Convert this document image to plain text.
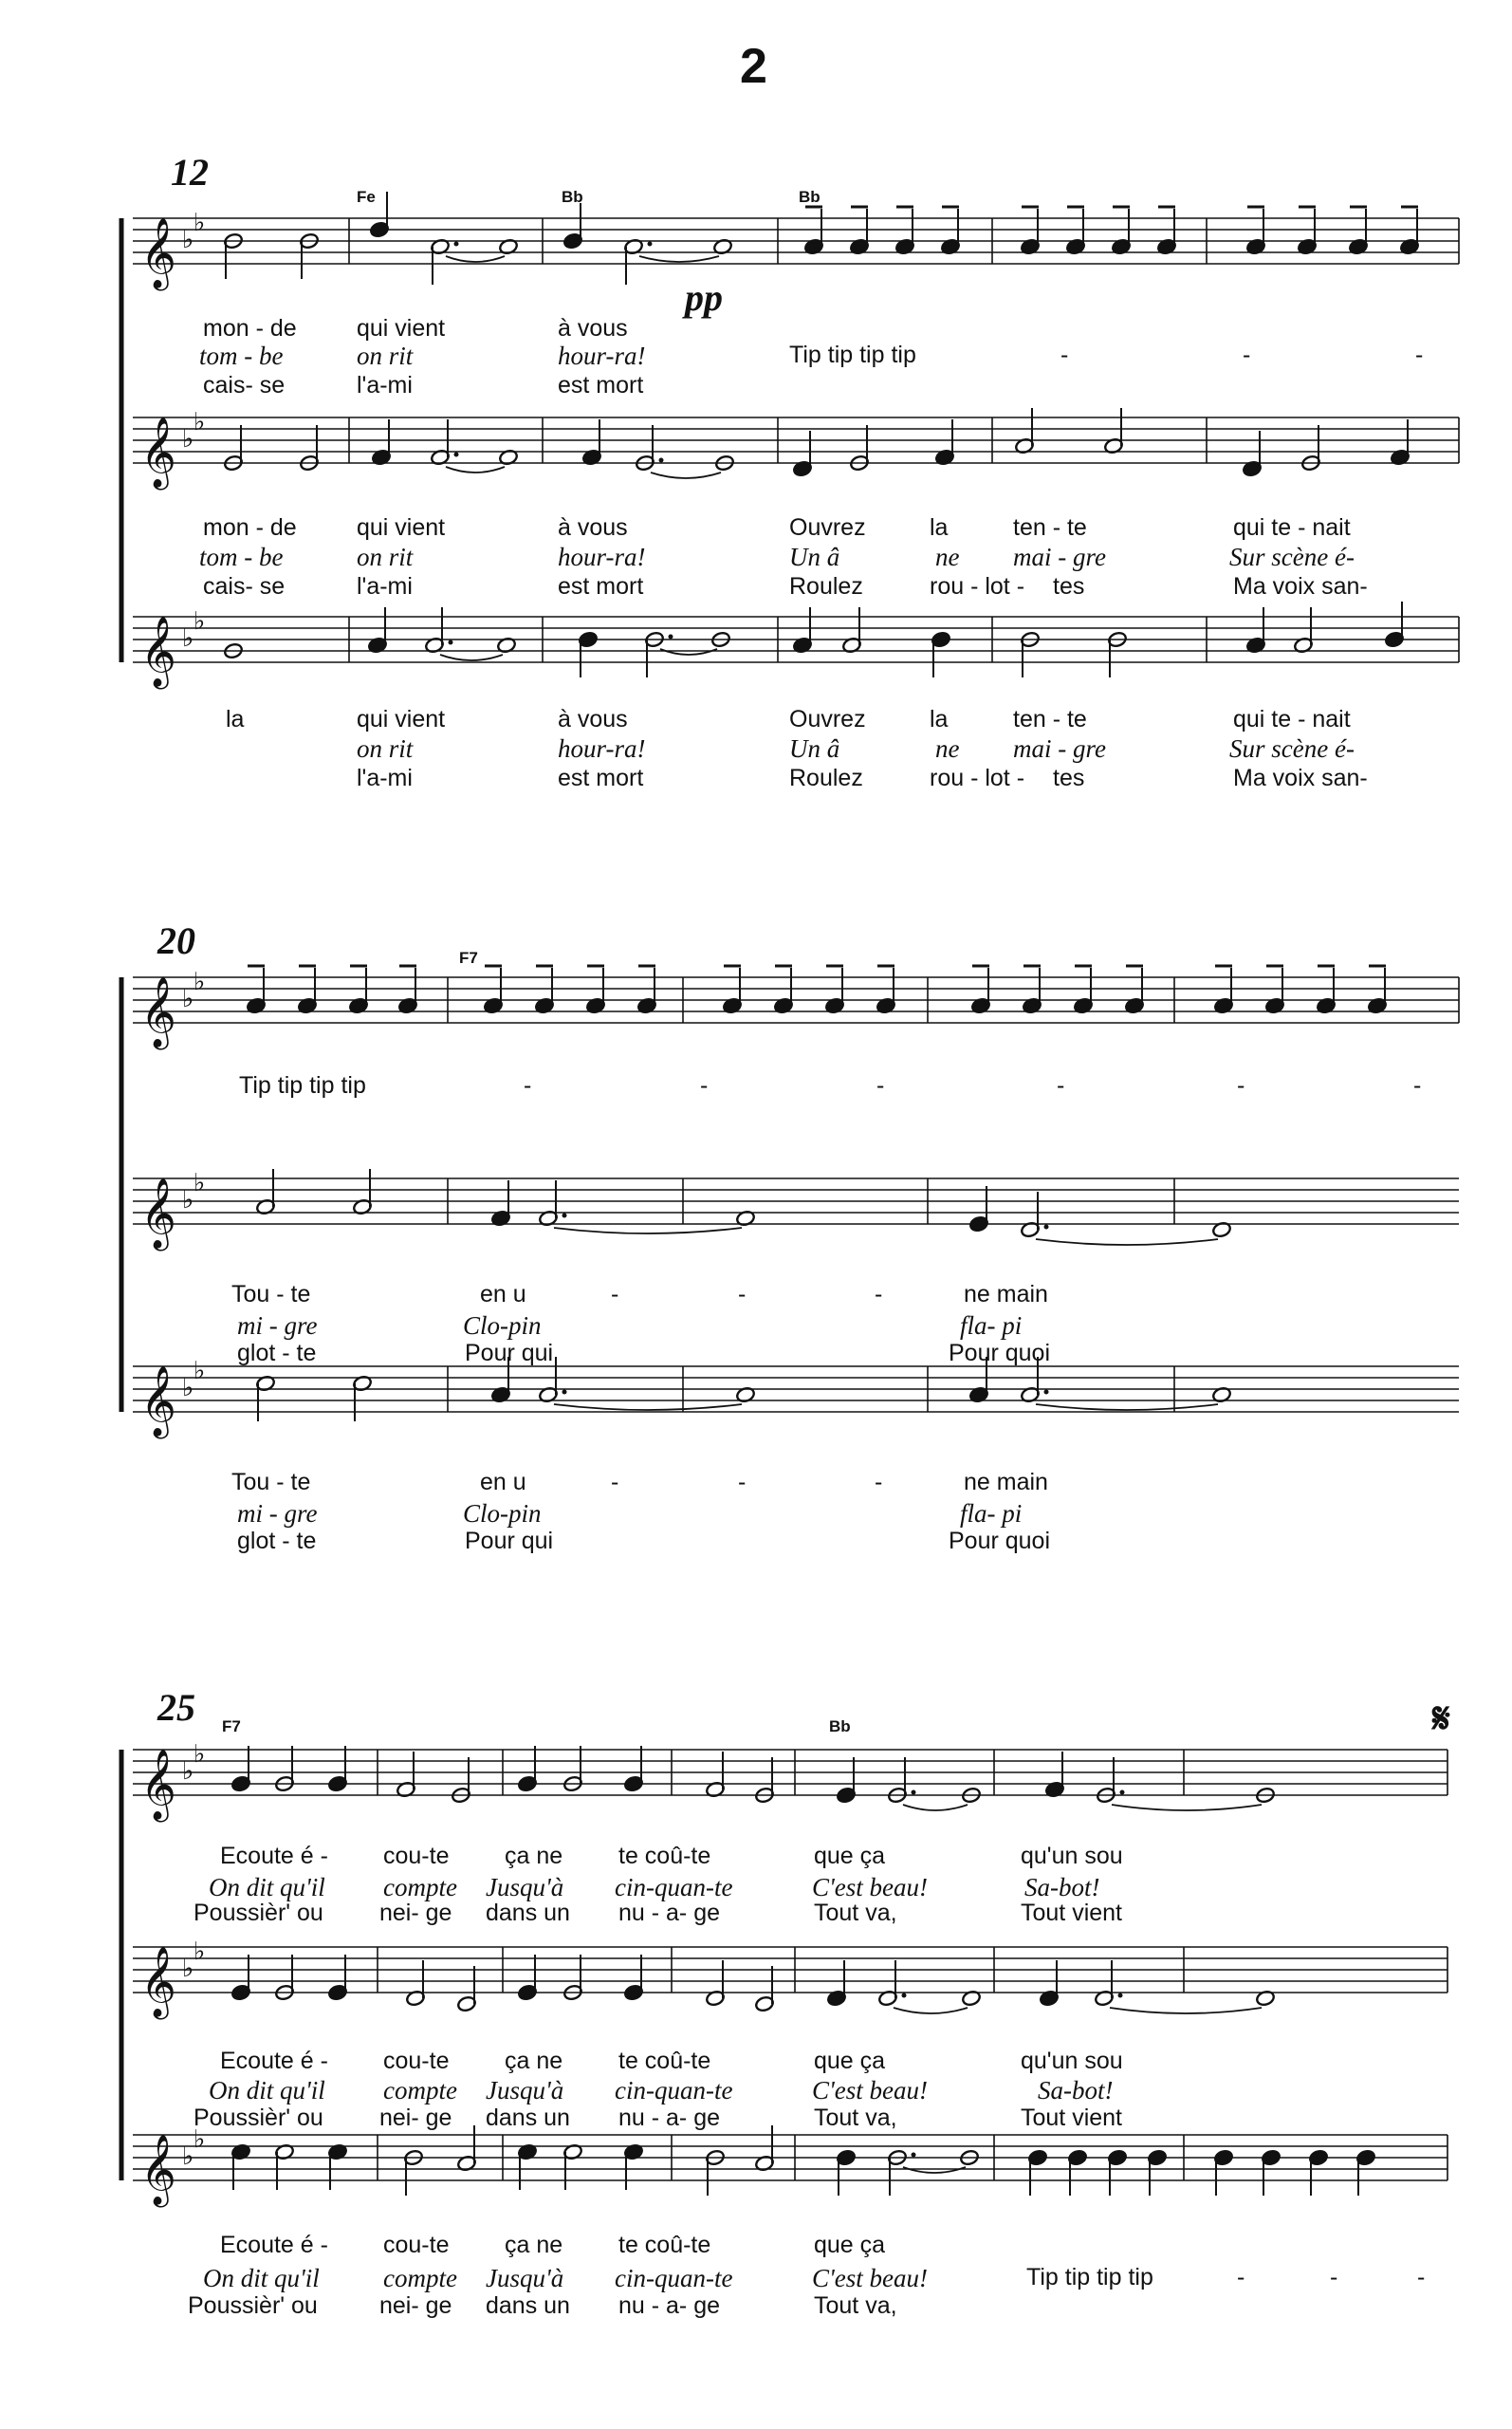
2
𝄞 ♭
♭
𝄞 ♭
♭
𝄞 ♭
♭
𝄞 ♭
♭
𝄞 ♭
♭
𝄞 ♭
♭
𝄞 ♭
♭
𝄞 ♭
♭
𝄞 ♭
♭
12
Fe	Bb	Bb
pp
mon - de	qui vient	à vous
tom - be	on rit	hour-ra!	Tip tip tip tip	-	-	-
cais- se	l'a-mi	est mort
mon - de	qui vient	à vous	Ouvrez	la	ten - te	qui te - nait
tom - be	on rit	hour-ra!	Un â	ne mai - gre	Sur scène é-
cais- se	l'a-mi	est mort	Roulez	rou - lot - tes	Ma voix san-
la	qui vient	à vous	Ouvrez	la	ten - te	qui te - nait
on rit	hour-ra!	Un â	ne mai - gre	Sur scène é-
l'a-mi	est mort	Roulez	rou - lot - tes	Ma voix san-
20	F7
Tip tip tip tip	-	-	-	-	-	-
Tou - te	en u	-	-	-	ne main
mi - gre	Clo-pin	fla- pi
glot - te	Pour qui	Pour quoi
Tou - te	en u	-	-	-	ne main
mi - gre	Clo-pin	fla- pi
glot - te	Pour qui	Pour quoi
25 F7	Bb	𝄋
Ecoute é - cou-te ça ne te coû-te	que ça	qu'un sou
On dit qu'il compte Jusqu'à cin-quan-te	C'est beau!	Sa-bot!
Poussièr' ou nei- ge dans un nu - a- ge	Tout va,	Tout vient
Ecoute é - cou-te ça ne te coû-te	que ça	qu'un sou
On dit qu'il compte Jusqu'à cin-quan-te	C'est beau!	Sa-bot!
Poussièr' ou nei- ge dans un nu - a- ge	Tout va,	Tout vient
Ecoute é - cou-te ça ne te coû-te	que ça
On dit qu'il compte Jusqu'à cin-quan-te	C'est beau!	Tip tip tip tip	-	-	-
Poussièr' ou	nei- ge dans un nu - a- ge	Tout va,
